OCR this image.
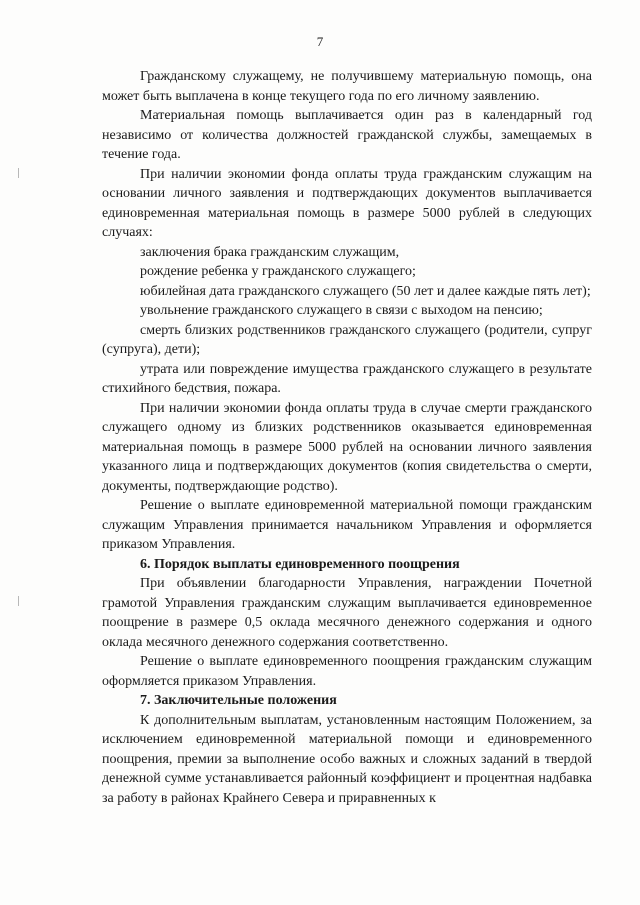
7

Гражданскому служащему, не получившему материальную помощь, она может быть выплачена в конце текущего года по его личному заявлению.

Материальная помощь выплачивается один раз в календарный год независимо от количества должностей гражданской службы, замещаемых в течение года.

При наличии экономии фонда оплаты труда гражданским служащим на основании личного заявления и подтверждающих документов выплачивается единовременная материальная помощь в размере 5000 рублей в следующих случаях:

заключения брака гражданским служащим,

рождение ребенка у гражданского служащего;

юбилейная дата гражданского служащего (50 лет и далее каждые пять лет);

увольнение гражданского служащего в связи с выходом на пенсию;

смерть близких родственников гражданского служащего (родители, супруг (супруга), дети);

утрата или повреждение имущества гражданского служащего в результате стихийного бедствия, пожара.

При наличии экономии фонда оплаты труда в случае смерти гражданского служащего одному из близких родственников оказывается единовременная материальная помощь в размере 5000 рублей на основании личного заявления указанного лица и подтверждающих документов (копия свидетельства о смерти, документы, подтверждающие родство).

Решение о выплате единовременной материальной помощи гражданским служащим Управления принимается начальником Управления и оформляется приказом Управления.

6. Порядок выплаты единовременного поощрения

При объявлении благодарности Управления, награждении Почетной грамотой Управления гражданским служащим выплачивается единовременное поощрение в размере 0,5 оклада месячного денежного содержания и одного оклада месячного денежного содержания соответственно.

Решение о выплате единовременного поощрения гражданским служащим оформляется приказом Управления.

7. Заключительные положения

К дополнительным выплатам, установленным настоящим Положением, за исключением единовременной материальной помощи и единовременного поощрения, премии за выполнение особо важных и сложных заданий в твердой денежной сумме устанавливается районный коэффициент и процентная надбавка за работу в районах Крайнего Севера и приравненных к
